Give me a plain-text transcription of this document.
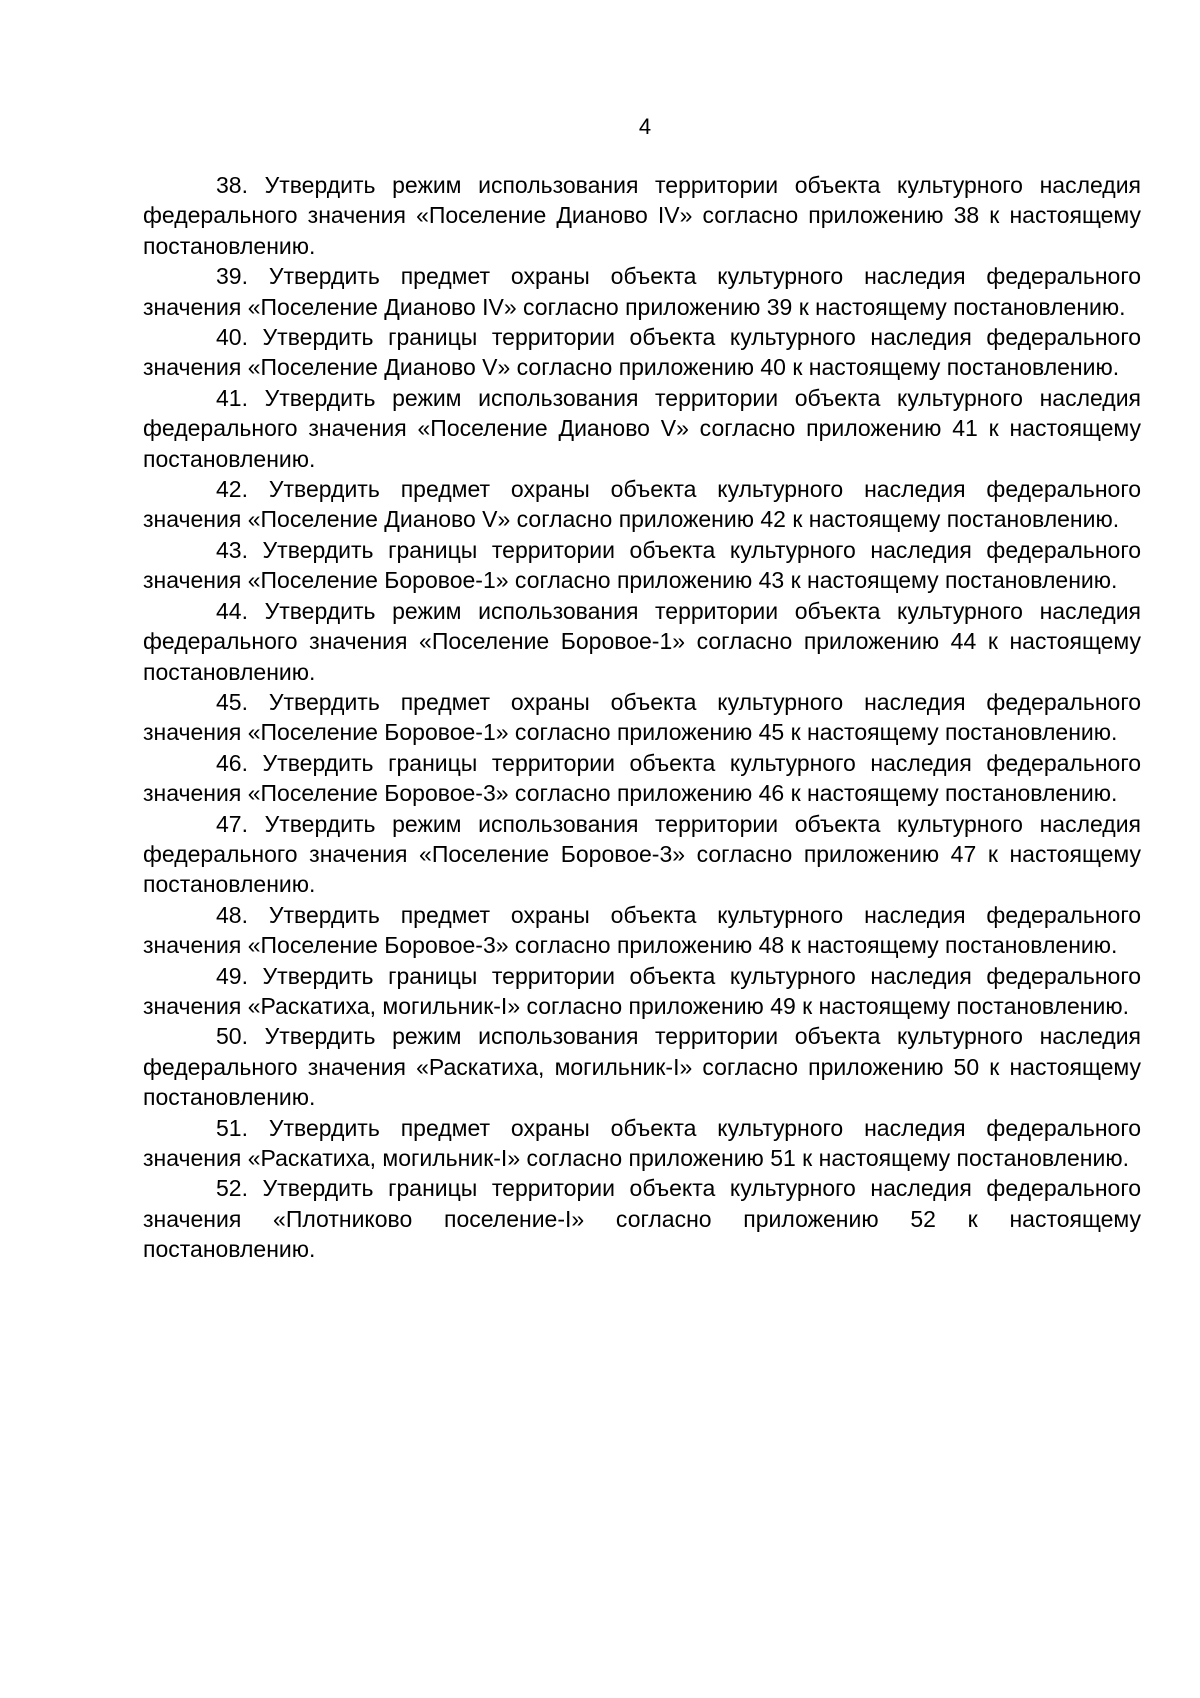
4

38. Утвердить режим использования территории объекта культурного наследия федерального значения «Поселение Дианово IV» согласно приложению 38 к настоящему постановлению.

39. Утвердить предмет охраны объекта культурного наследия федерального значения «Поселение Дианово IV» согласно приложению 39 к настоящему постановлению.

40. Утвердить границы территории объекта культурного наследия федерального значения «Поселение Дианово V» согласно приложению 40 к настоящему постановлению.

41. Утвердить режим использования территории объекта культурного наследия федерального значения «Поселение Дианово V» согласно приложению 41 к настоящему постановлению.

42. Утвердить предмет охраны объекта культурного наследия федерального значения «Поселение Дианово V» согласно приложению 42 к настоящему постановлению.

43. Утвердить границы территории объекта культурного наследия федерального значения «Поселение Боровое-1» согласно приложению 43 к настоящему постановлению.

44. Утвердить режим использования территории объекта культурного наследия федерального значения «Поселение Боровое-1» согласно приложению 44 к настоящему постановлению.

45. Утвердить предмет охраны объекта культурного наследия федерального значения «Поселение Боровое-1» согласно приложению 45 к настоящему постановлению.

46. Утвердить границы территории объекта культурного наследия федерального значения «Поселение Боровое-3» согласно приложению 46 к настоящему постановлению.

47. Утвердить режим использования территории объекта культурного наследия федерального значения «Поселение Боровое-3» согласно приложению 47 к настоящему постановлению.

48. Утвердить предмет охраны объекта культурного наследия федерального значения «Поселение Боровое-3» согласно приложению 48 к настоящему постановлению.

49. Утвердить границы территории объекта культурного наследия федерального значения «Раскатиха, могильник-I» согласно приложению 49 к настоящему постановлению.

50. Утвердить режим использования территории объекта культурного наследия федерального значения «Раскатиха, могильник-I» согласно приложению 50 к настоящему постановлению.

51. Утвердить предмет охраны объекта культурного наследия федерального значения «Раскатиха, могильник-I» согласно приложению 51 к настоящему постановлению.

52. Утвердить границы территории объекта культурного наследия федерального значения «Плотниково поселение-I» согласно приложению 52 к настоящему постановлению.
